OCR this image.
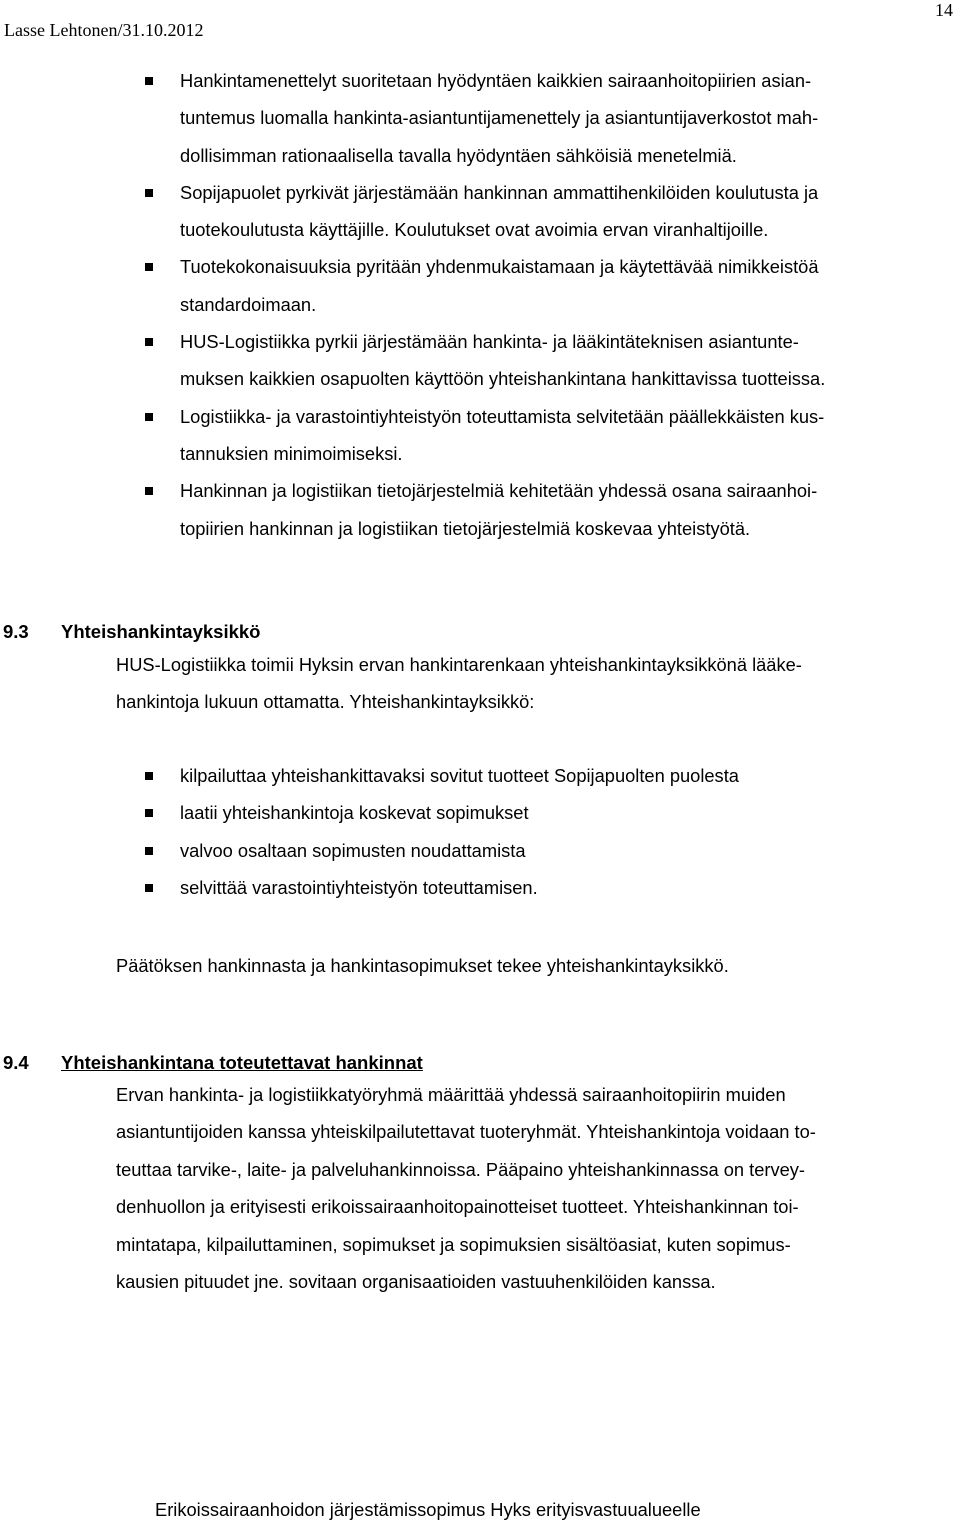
Lasse Lehtonen/31.10.2012
14
Hankintamenettelyt suoritetaan hyödyntäen kaikkien sairaanhoitopiirien asian-
tuntemus luomalla hankinta-asiantuntijamenettely ja asiantuntijaverkostot mah-
dollisimman rationaalisella tavalla hyödyntäen sähköisiä menetelmiä.
Sopijapuolet pyrkivät järjestämään hankinnan ammattihenkilöiden koulutusta ja
tuotekoulutusta käyttäjille. Koulutukset ovat avoimia ervan viranhaltijoille.
Tuotekokonaisuuksia pyritään yhdenmukaistamaan ja käytettävää nimikkeistöä
standardoimaan.
HUS-Logistiikka pyrkii järjestämään hankinta- ja lääkintäteknisen asiantunte-
muksen kaikkien osapuolten käyttöön yhteishankintana hankittavissa tuotteissa.
Logistiikka- ja varastointiyhteistyön toteuttamista selvitetään päällekkäisten kus-
tannuksien minimoimiseksi.
Hankinnan ja logistiikan tietojärjestelmiä kehitetään yhdessä osana sairaanhoi-
topiirien hankinnan ja logistiikan tietojärjestelmiä koskevaa yhteistyötä.
9.3 Yhteishankintayksikkö
HUS-Logistiikka toimii Hyksin ervan hankintarenkaan yhteishankintayksikkönä lääke-
hankintoja lukuun ottamatta. Yhteishankintayksikkö:
kilpailuttaa yhteishankittavaksi sovitut tuotteet Sopijapuolten puolesta
laatii yhteishankintoja koskevat sopimukset
valvoo osaltaan sopimusten noudattamista
selvittää varastointiyhteistyön toteuttamisen.
Päätöksen hankinnasta ja hankintasopimukset tekee yhteishankintayksikkö.
9.4 Yhteishankintana toteutettavat hankinnat
Ervan hankinta- ja logistiikkatyöryhmä määrittää yhdessä sairaanhoitopiirin muiden
asiantuntijoiden kanssa yhteiskilpailutettavat tuoteryhmät. Yhteishankintoja voidaan to-
teuttaa tarvike-, laite- ja palveluhankinnoissa. Pääpaino yhteishankinnassa on tervey-
denhuollon ja erityisesti erikoissairaanhoitopainotteiset tuotteet. Yhteishankinnan toi-
mintatapa, kilpailuttaminen, sopimukset ja sopimuksien sisältöasiat, kuten sopimus-
kausien pituudet jne. sovitaan organisaatioiden vastuuhenkilöiden kanssa.
Erikoissairaanhoidon järjestämissopimus Hyks erityisvastuualueelle
